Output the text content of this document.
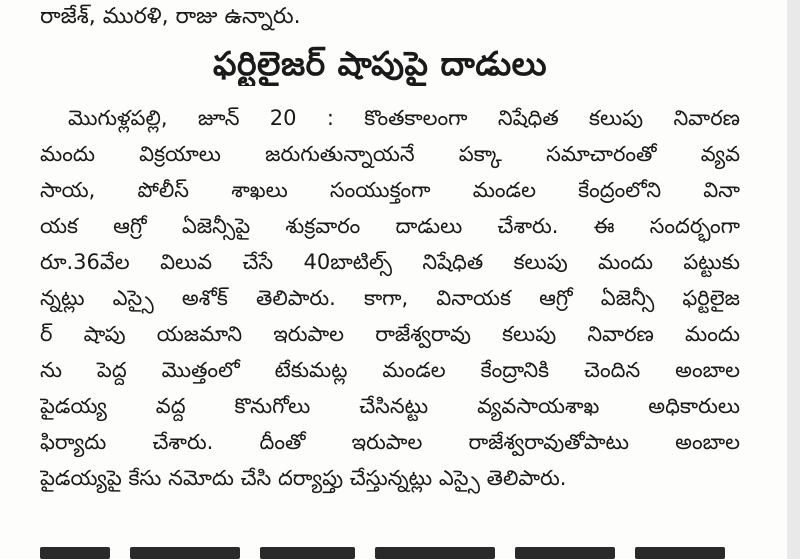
రాజేశ్, మురళి, రాజు ఉన్నారు.
ఫర్టిలైజర్ షాపుపై దాడులు
మొగుళ్లపల్లి, జూన్ 20 : కొంతకాలంగా నిషేధిత కలుపు నివారణ
మందు విక్రయాలు జరుగుతున్నాయనే పక్కా సమాచారంతో వ్యవ
సాయ, పోలీస్ శాఖలు సంయుక్తంగా మండల కేంద్రంలోని వినా
యక ఆగ్రో ఏజెన్సీపై శుక్రవారం దాడులు చేశారు. ఈ సందర్భంగా
రూ.36వేల విలువ చేసే 40బాటిల్స్ నిషేధిత కలుపు మందు పట్టుకు
న్నట్లు ఎస్సై అశోక్ తెలిపారు. కాగా, వినాయక ఆగ్రో ఏజెన్సీ ఫర్టిలైజ
ర్ షాపు యజమాని ఇరుపాల రాజేశ్వరావు కలుపు నివారణ మందు
ను పెద్ద మొత్తంలో టేకుమట్ల మండల కేంద్రానికి చెందిన అంబాల
పైడయ్య వద్ద కొనుగోలు చేసినట్టు వ్యవసాయశాఖ అధికారులు
ఫిర్యాదు చేశారు. దీంతో ఇరుపాల రాజేశ్వరావుతోపాటు అంబాల
పైడయ్యపై కేసు నమోదు చేసి దర్యాప్తు చేస్తున్నట్లు ఎస్సై తెలిపారు.
